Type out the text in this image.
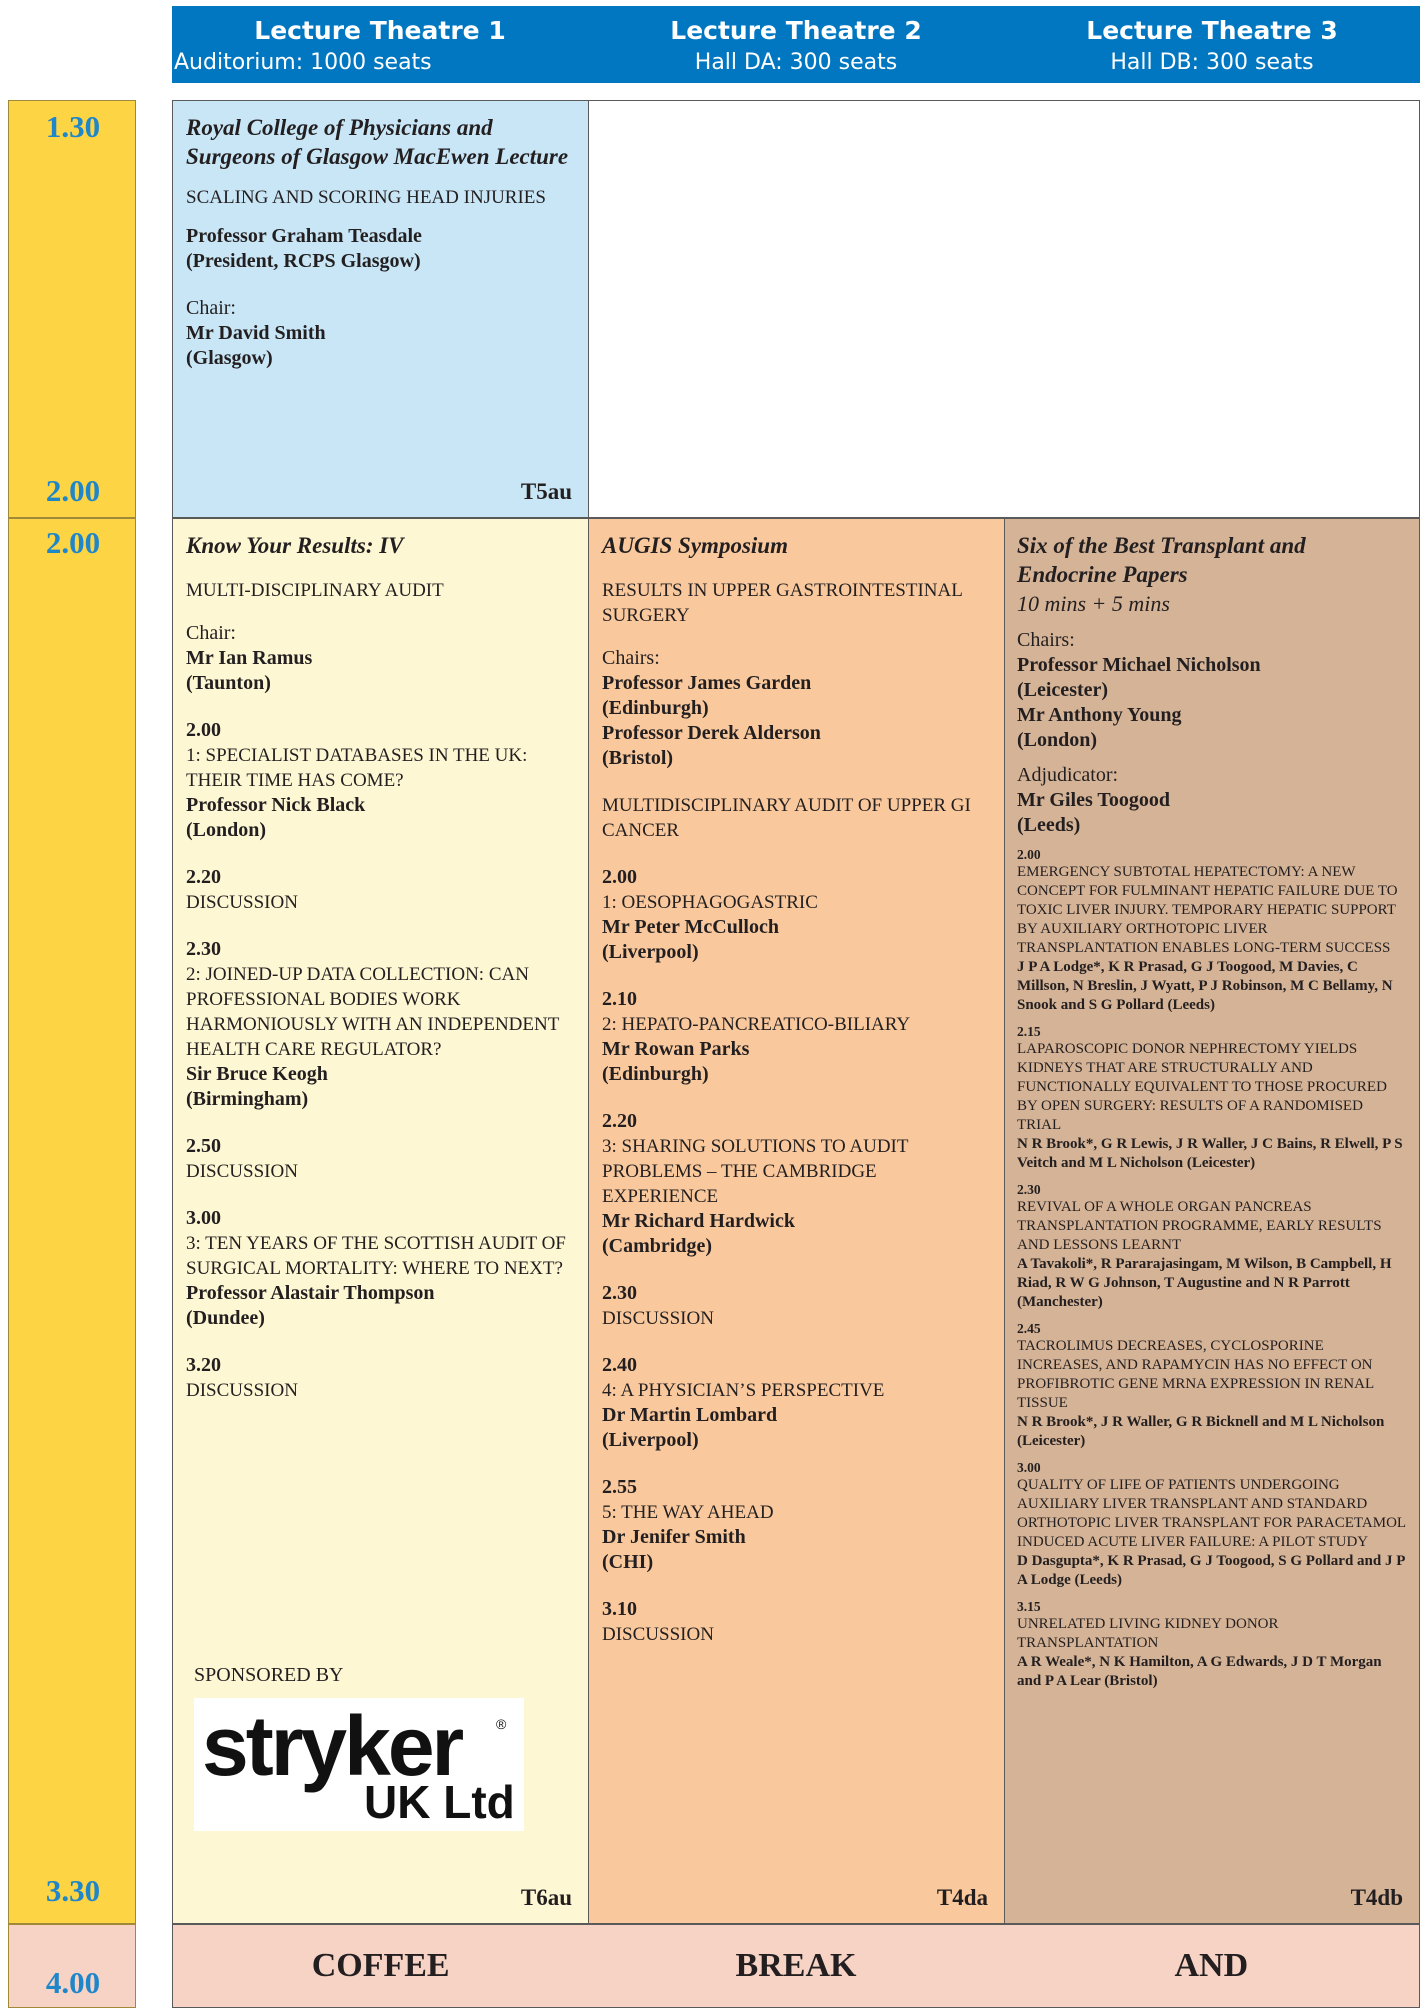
Lecture Theatre 1
Auditorium: 1000 seats
Lecture Theatre 2
Hall DA: 300 seats
Lecture Theatre 3
Hall DB: 300 seats
1.30
2.00
2.00
3.30
4.00
Royal College of Physicians and Surgeons of Glasgow MacEwen Lecture
SCALING AND SCORING HEAD INJURIES
Professor Graham Teasdale
(President, RCPS Glasgow)
Chair:
Mr David Smith
(Glasgow)
T5au
Know Your Results: IV
MULTI-DISCIPLINARY AUDIT
Chair:
Mr Ian Ramus
(Taunton)
2.00
1: SPECIALIST DATABASES IN THE UK: THEIR TIME HAS COME?
Professor Nick Black
(London)
2.20
DISCUSSION
2.30
2: JOINED-UP DATA COLLECTION: CAN PROFESSIONAL BODIES WORK HARMONIOUSLY WITH AN INDEPENDENT HEALTH CARE REGULATOR?
Sir Bruce Keogh
(Birmingham)
2.50
DISCUSSION
3.00
3: TEN YEARS OF THE SCOTTISH AUDIT OF SURGICAL MORTALITY: WHERE TO NEXT?
Professor Alastair Thompson
(Dundee)
3.20
DISCUSSION
T6au
SPONSORED BY
stryker ®
UK Ltd
AUGIS Symposium
RESULTS IN UPPER GASTROINTESTINAL SURGERY
Chairs:
Professor James Garden
(Edinburgh)
Professor Derek Alderson
(Bristol)
MULTIDISCIPLINARY AUDIT OF UPPER GI CANCER
2.00
1: OESOPHAGOGASTRIC
Mr Peter McCulloch
(Liverpool)
2.10
2: HEPATO-PANCREATICO-BILIARY
Mr Rowan Parks
(Edinburgh)
2.20
3: SHARING SOLUTIONS TO AUDIT PROBLEMS – THE CAMBRIDGE EXPERIENCE
Mr Richard Hardwick
(Cambridge)
2.30
DISCUSSION
2.40
4: A PHYSICIAN’S PERSPECTIVE
Dr Martin Lombard
(Liverpool)
2.55
5: THE WAY AHEAD
Dr Jenifer Smith
(CHI)
3.10
DISCUSSION
T4da
Six of the Best Transplant and Endocrine Papers
10 mins + 5 mins
Chairs:
Professor Michael Nicholson
(Leicester)
Mr Anthony Young
(London)
Adjudicator:
Mr Giles Toogood
(Leeds)
2.00
EMERGENCY SUBTOTAL HEPATECTOMY: A NEW CONCEPT FOR FULMINANT HEPATIC FAILURE DUE TO TOXIC LIVER INJURY. TEMPORARY HEPATIC SUPPORT BY AUXILIARY ORTHOTOPIC LIVER TRANSPLANTATION ENABLES LONG-TERM SUCCESS
J P A Lodge*, K R Prasad, G J Toogood, M Davies, C Millson, N Breslin, J Wyatt, P J Robinson, M C Bellamy, N Snook and S G Pollard (Leeds)
2.15
LAPAROSCOPIC DONOR NEPHRECTOMY YIELDS KIDNEYS THAT ARE STRUCTURALLY AND FUNCTIONALLY EQUIVALENT TO THOSE PROCURED BY OPEN SURGERY: RESULTS OF A RANDOMISED TRIAL
N R Brook*, G R Lewis, J R Waller, J C Bains, R Elwell, P S Veitch and M L Nicholson (Leicester)
2.30
REVIVAL OF A WHOLE ORGAN PANCREAS TRANSPLANTATION PROGRAMME, EARLY RESULTS AND LESSONS LEARNT
A Tavakoli*, R Pararajasingam, M Wilson, B Campbell, H Riad, R W G Johnson, T Augustine and N R Parrott (Manchester)
2.45
TACROLIMUS DECREASES, CYCLOSPORINE INCREASES, AND RAPAMYCIN HAS NO EFFECT ON PROFIBROTIC GENE MRNA EXPRESSION IN RENAL TISSUE
N R Brook*, J R Waller, G R Bicknell and M L Nicholson (Leicester)
3.00
QUALITY OF LIFE OF PATIENTS UNDERGOING AUXILIARY LIVER TRANSPLANT AND STANDARD ORTHOTOPIC LIVER TRANSPLANT FOR PARACETAMOL INDUCED ACUTE LIVER FAILURE: A PILOT STUDY
D Dasgupta*, K R Prasad, G J Toogood, S G Pollard and J P A Lodge (Leeds)
3.15
UNRELATED LIVING KIDNEY DONOR TRANSPLANTATION
A R Weale*, N K Hamilton, A G Edwards, J D T Morgan and P A Lear (Bristol)
T4db
COFFEE	BREAK	AND
